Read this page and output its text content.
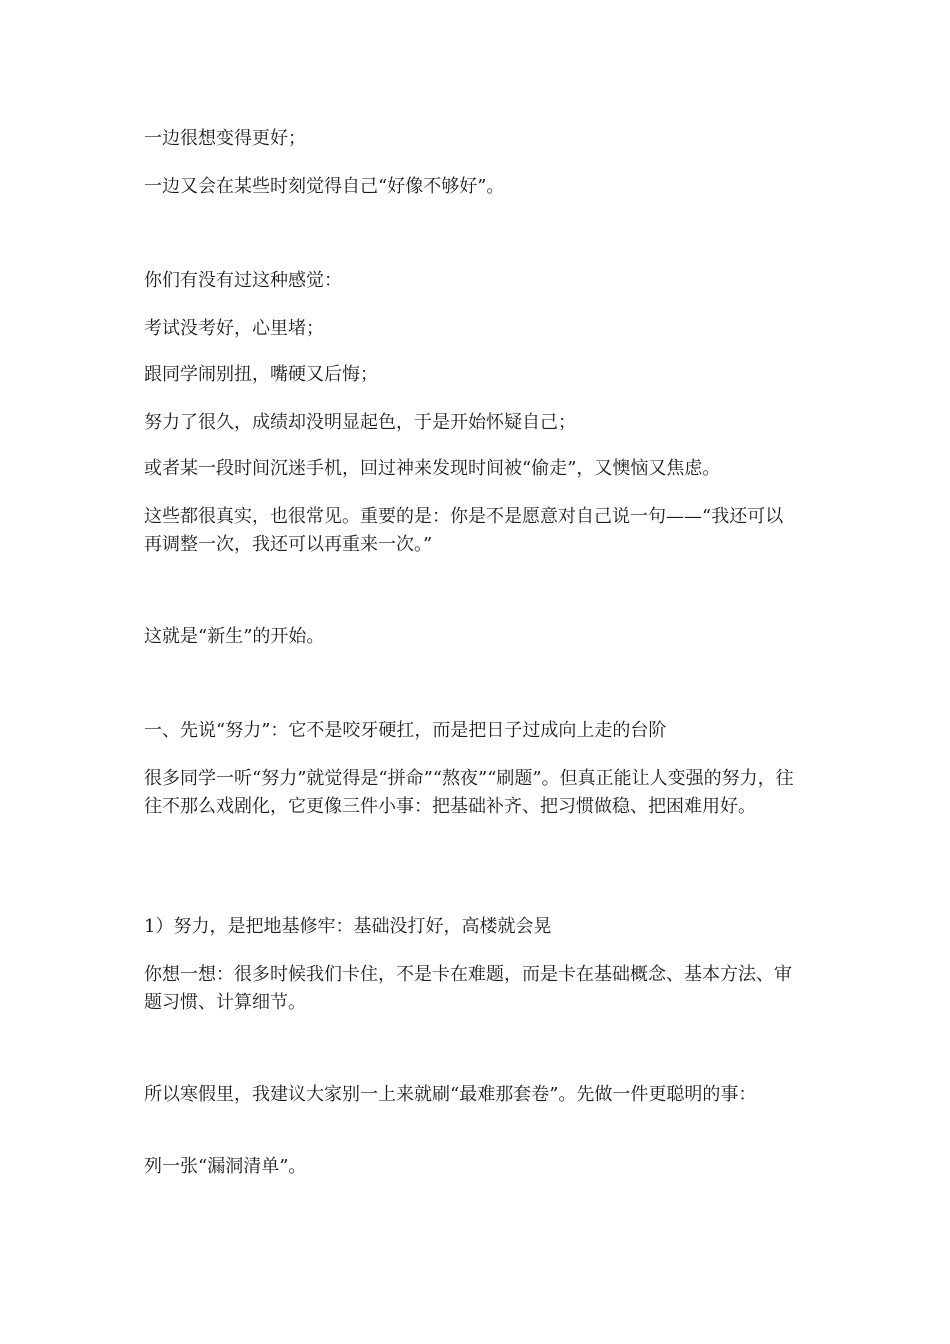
一边很想变得更好；

一边又会在某些时刻觉得自己“好像不够好”。

你们有没有过这种感觉：

考试没考好，心里堵；

跟同学闹别扭，嘴硬又后悔；

努力了很久，成绩却没明显起色，于是开始怀疑自己；

或者某一段时间沉迷手机，回过神来发现时间被“偷走”，又懊恼又焦虑。

这些都很真实，也很常见。重要的是：你是不是愿意对自己说一句——“我还可以再调整一次，我还可以再重来一次。”

这就是“新生”的开始。

一、先说“努力”：它不是咬牙硬扛，而是把日子过成向上走的台阶

很多同学一听“努力”就觉得是“拼命”“熬夜”“刷题”。但真正能让人变强的努力，往往不那么戏剧化，它更像三件小事：把基础补齐、把习惯做稳、把困难用好。

1）努力，是把地基修牢：基础没打好，高楼就会晃

你想一想：很多时候我们卡住，不是卡在难题，而是卡在基础概念、基本方法、审题习惯、计算细节。

所以寒假里，我建议大家别一上来就刷“最难那套卷”。先做一件更聪明的事：

列一张“漏洞清单”。
